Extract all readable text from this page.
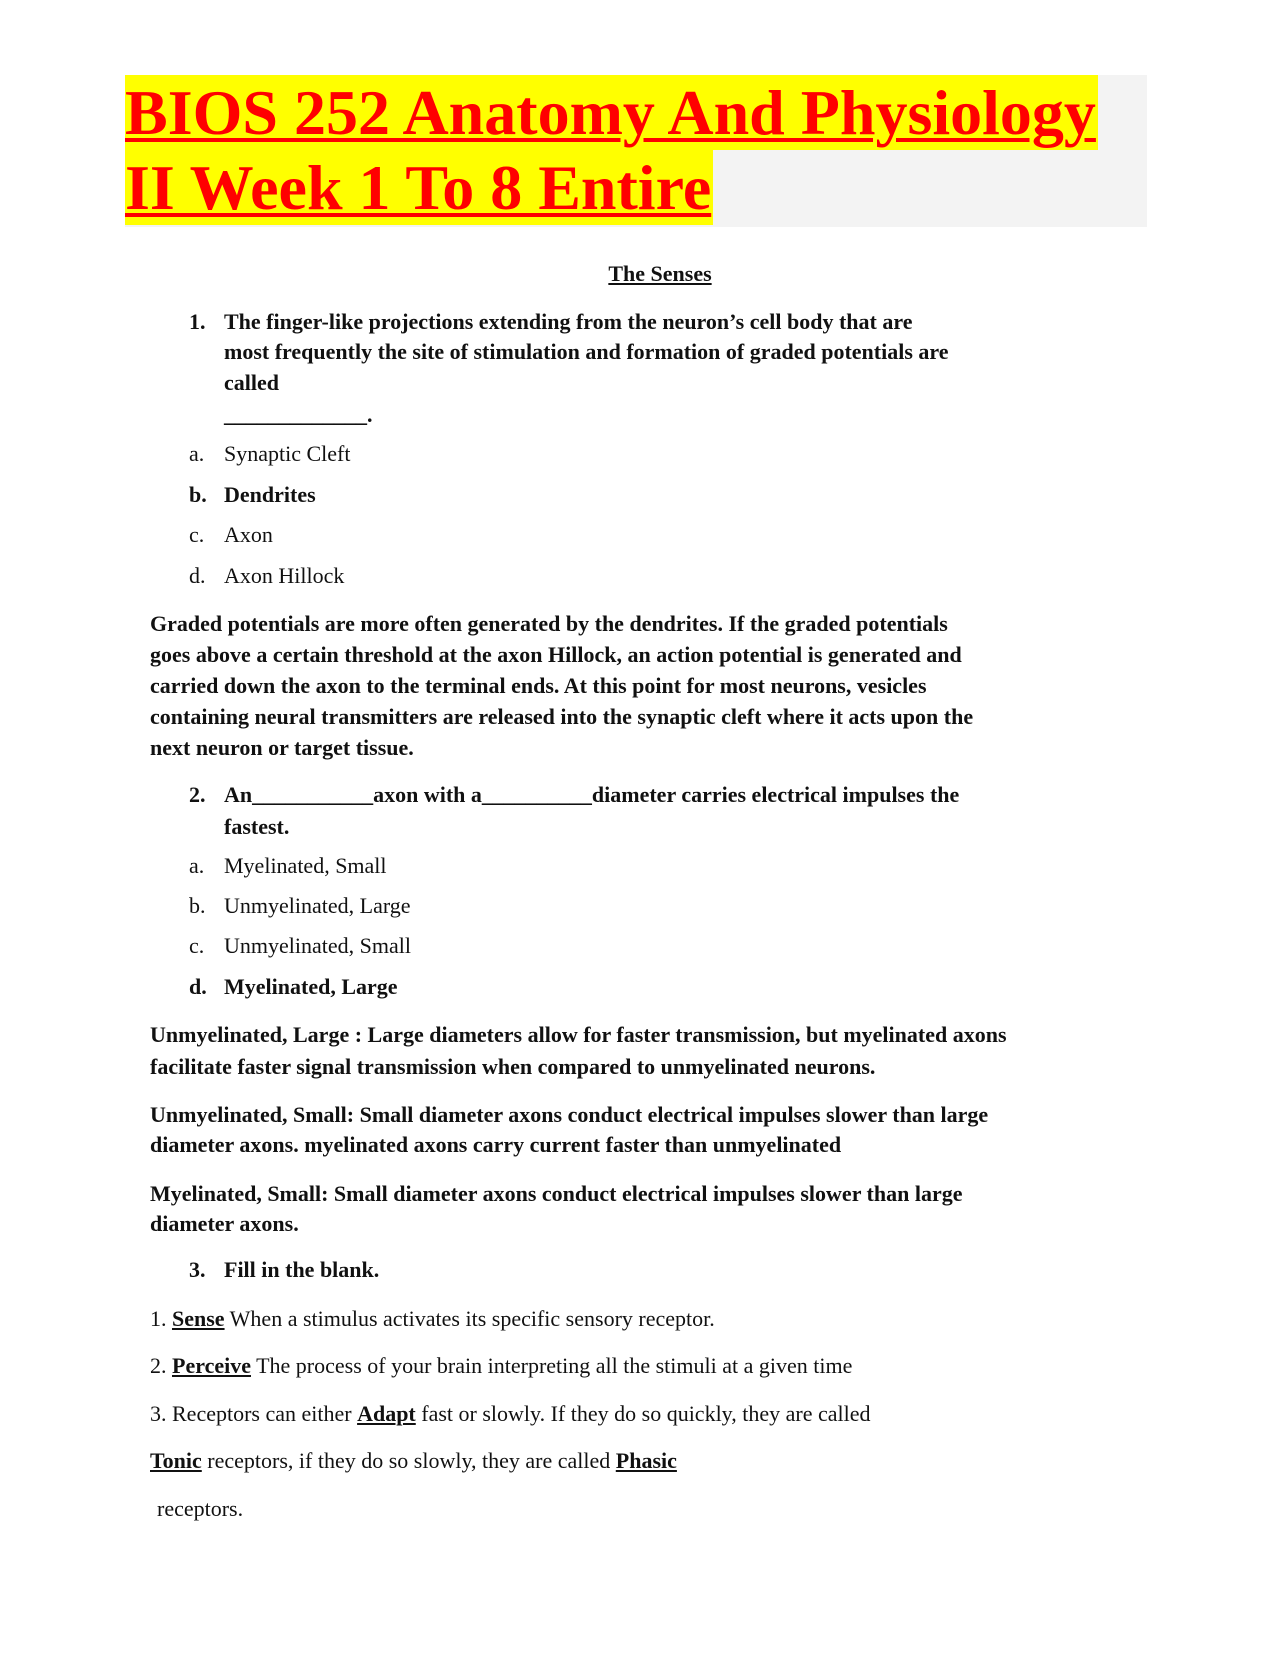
BIOS 252 Anatomy And Physiology
II Week 1 To 8 Entire
The Senses
1. The finger-like projections extending from the neuron’s cell body that are
most frequently the site of stimulation and formation of graded potentials are
called
_____________.
a. Synaptic Cleft
b. Dendrites
c. Axon
d. Axon Hillock
Graded potentials are more often generated by the dendrites. If the graded potentials
goes above a certain threshold at the axon Hillock, an action potential is generated and
carried down the axon to the terminal ends. At this point for most neurons, vesicles
containing neural transmitters are released into the synaptic cleft where it acts upon the
next neuron or target tissue.
2. An___________axon with a__________diameter carries electrical impulses the
fastest.
a. Myelinated, Small
b. Unmyelinated, Large
c. Unmyelinated, Small
d. Myelinated, Large
Unmyelinated, Large : Large diameters allow for faster transmission, but myelinated axons
facilitate faster signal transmission when compared to unmyelinated neurons.
Unmyelinated, Small: Small diameter axons conduct electrical impulses slower than large
diameter axons. myelinated axons carry current faster than unmyelinated
Myelinated, Small: Small diameter axons conduct electrical impulses slower than large
diameter axons.
3. Fill in the blank.
1. Sense When a stimulus activates its specific sensory receptor.
2. Perceive The process of your brain interpreting all the stimuli at a given time
3. Receptors can either Adapt fast or slowly. If they do so quickly, they are called
Tonic receptors, if they do so slowly, they are called Phasic
receptors.
